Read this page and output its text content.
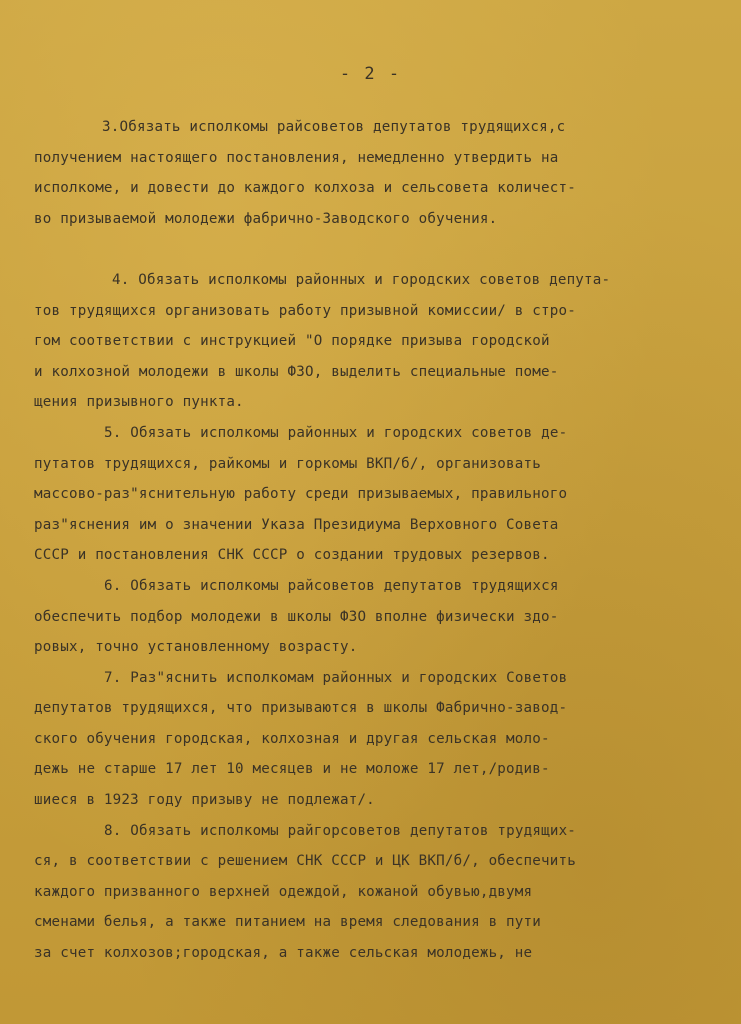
- 2 -
3.Обязать исполкомы райсоветов депутатов трудящихся,с
получением настоящего постановления, немедленно утвердить на
исполкоме, и довести до каждого колхоза и сельсовета количест-
во призываемой молодежи фабрично-Заводского обучения.

4. Обязать исполкомы районных и городских советов депута-
тов трудящихся организовать работу призывной комиссии/ в стро-
гом соответствии с инструкцией "О порядке призыва городской
и колхозной молодежи в школы ФЗО, выделить специальные поме-
щения призывного пункта.
5. Обязать исполкомы районных и городских советов де-
путатов трудящихся, райкомы и горкомы ВКП/б/, организовать
массово-раз"яснительную работу среди призываемых, правильного
раз"яснения им о значении Указа Президиума Верховного Совета
СССР и постановления СНК СССР о создании трудовых резервов.
6. Обязать исполкомы райсоветов депутатов трудящихся
обеспечить подбор молодежи в школы ФЗО вполне физически здо-
ровых, точно установленному возрасту.
7. Раз"яснить исполкомам районных и городских Советов
депутатов трудящихся, что призываются в школы Фабрично-завод-
ского обучения городская, колхозная и другая сельская моло-
дежь не старше 17 лет 10 месяцев и не моложе 17 лет,/родив-
шиеся в 1923 году призыву не подлежат/.
8. Обязать исполкомы райгорсоветов депутатов трудящих-
ся, в соответствии с решением СНК СССР и ЦК ВКП/б/, обеспечить
каждого призванного верхней одеждой, кожаной обувью,двумя
сменами белья, а также питанием на время следования в пути
за счет колхозов;городская, а также сельская молодежь, не
